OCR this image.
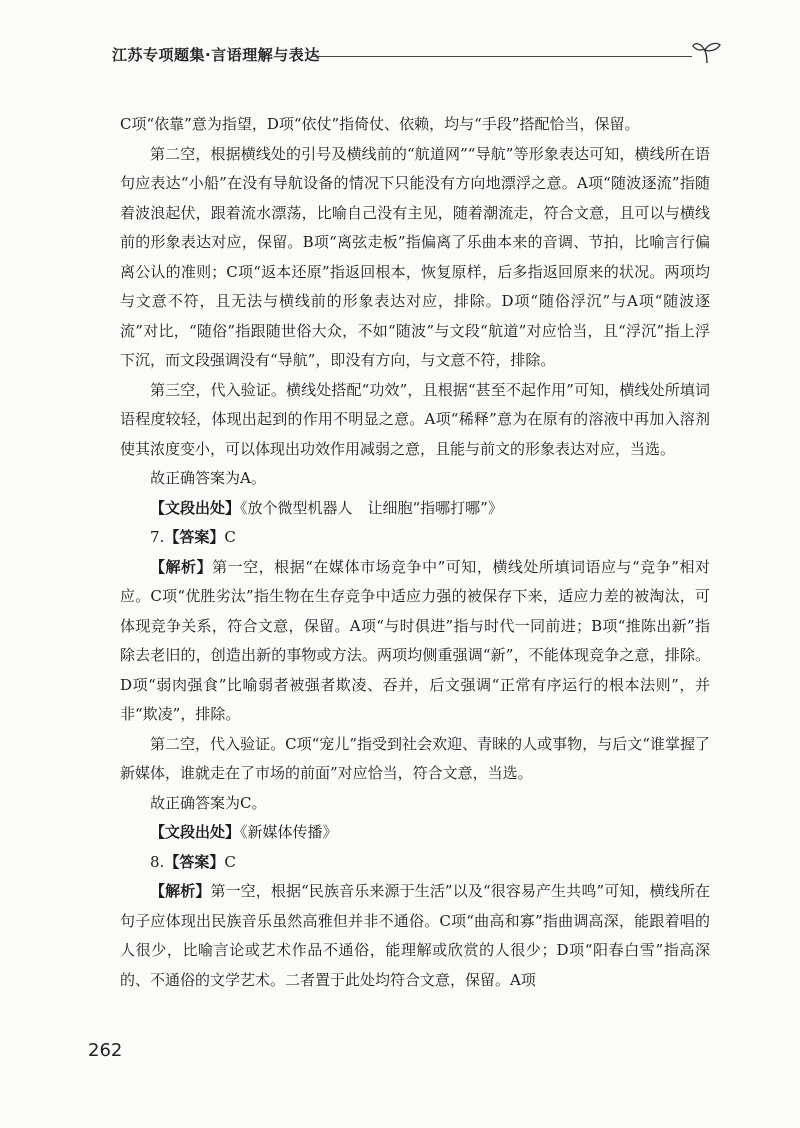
江苏专项题集·言语理解与表达

C项“依靠”意为指望，D项“依仗”指倚仗、依赖，均与“手段”搭配恰当，保留。

第二空，根据横线处的引号及横线前的“航道网”“导航”等形象表达可知，横线所在语句应表达“小船”在没有导航设备的情况下只能没有方向地漂浮之意。A项“随波逐流”指随着波浪起伏，跟着流水漂荡，比喻自己没有主见，随着潮流走，符合文意，且可以与横线前的形象表达对应，保留。B项“离弦走板”指偏离了乐曲本来的音调、节拍，比喻言行偏离公认的准则；C项“返本还原”指返回根本，恢复原样，后多指返回原来的状况。两项均与文意不符，且无法与横线前的形象表达对应，排除。D项“随俗浮沉”与A项“随波逐流”对比，“随俗”指跟随世俗大众，不如“随波”与文段“航道”对应恰当，且“浮沉”指上浮下沉，而文段强调没有“导航”，即没有方向，与文意不符，排除。

第三空，代入验证。横线处搭配“功效”，且根据“甚至不起作用”可知，横线处所填词语程度较轻，体现出起到的作用不明显之意。A项“稀释”意为在原有的溶液中再加入溶剂使其浓度变小，可以体现出功效作用减弱之意，且能与前文的形象表达对应，当选。

故正确答案为A。

【文段出处】《放个微型机器人　让细胞“指哪打哪”》

7.【答案】C

【解析】第一空，根据“在媒体市场竞争中”可知，横线处所填词语应与“竞争”相对应。C项“优胜劣汰”指生物在生存竞争中适应力强的被保存下来，适应力差的被淘汰，可体现竞争关系，符合文意，保留。A项“与时俱进”指与时代一同前进；B项“推陈出新”指除去老旧的，创造出新的事物或方法。两项均侧重强调“新”，不能体现竞争之意，排除。D项“弱肉强食”比喻弱者被强者欺凌、吞并，后文强调“正常有序运行的根本法则”，并非“欺凌”，排除。

第二空，代入验证。C项“宠儿”指受到社会欢迎、青睐的人或事物，与后文“谁掌握了新媒体，谁就走在了市场的前面”对应恰当，符合文意，当选。

故正确答案为C。

【文段出处】《新媒体传播》

8.【答案】C

【解析】第一空，根据“民族音乐来源于生活”以及“很容易产生共鸣”可知，横线所在句子应体现出民族音乐虽然高雅但并非不通俗。C项“曲高和寡”指曲调高深，能跟着唱的人很少，比喻言论或艺术作品不通俗，能理解或欣赏的人很少；D项“阳春白雪”指高深的、不通俗的文学艺术。二者置于此处均符合文意，保留。A项

262
